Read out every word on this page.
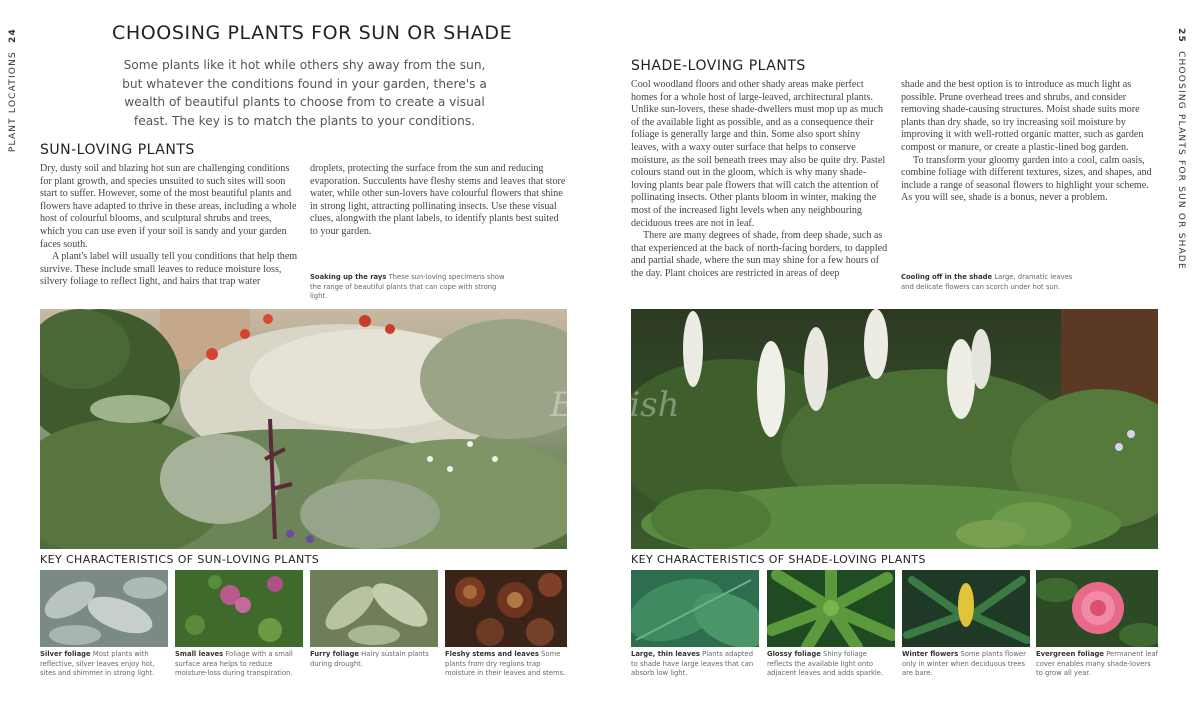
PLANT LOCATIONS  24	25  CHOOSING PLANTS FOR SUN OR SHADE
CHOOSING PLANTS FOR SUN OR SHADE
Some plants like it hot while others shy away from the sun, but whatever the conditions found in your garden, there's a wealth of beautiful plants to choose from to create a visual feast. The key is to match the plants to your conditions.
SUN-LOVING PLANTS

Dry, dusty soil and blazing hot sun are challenging conditions for plant growth, and species unsuited to such sites will soon start to suffer. However, some of the most beautiful plants and flowers have adapted to thrive in these areas, including a whole host of colourful blooms, and sculptural shrubs and trees, which you can use even if your soil is sandy and your garden faces south.

A plant's label will usually tell you conditions that help them survive. These include small leaves to reduce moisture loss, silvery foliage to reflect light, and hairs that trap water

droplets, protecting the surface from the sun and reducing evaporation. Succulents have fleshy stems and leaves that store water, while other sun-lovers have colourful flowers that shine in strong light, attracting pollinating insects. Use these visual clues, alongwith the plant labels, to identify plants best suited to your garden.

Soaking up the rays These sun-loving specimens show the range of beautiful plants that can cope with strong light.
SHADE-LOVING PLANTS

Cool woodland floors and other shady areas make perfect homes for a whole host of large-leaved, architectural plants. Unlike sun-lovers, these shade-dwellers must mop up as much of the available light as possible, and as a consequence their foliage is generally large and thin. Some also sport shiny leaves, with a waxy outer surface that helps to conserve moisture, as the soil beneath trees may also be quite dry. Pastel colours stand out in the gloom, which is why many shade-loving plants bear pale flowers that will catch the attention of pollinating insects. Other plants bloom in winter, making the most of the increased light levels when any neighbouring deciduous trees are not in leaf.

There are many degrees of shade, from deep shade, such as that experienced at the back of north-facing borders, to dappled and partial shade, where the sun may shine for a few hours of the day. Plant choices are restricted in areas of deep

shade and the best option is to introduce as much light as possible. Prune overhead trees and shrubs, and consider removing shade-causing structures. Moist shade suits more plants than dry shade, so try increasing soil moisture by improving it with well-rotted organic matter, such as garden compost or manure, or create a plastic-lined bog garden.

To transform your gloomy garden into a cool, calm oasis, combine foliage with different textures, sizes, and shapes, and include a range of seasonal flowers to highlight your scheme. As you will see, shade is a bonus, never a problem.

Cooling off in the shade Large, dramatic leaves and delicate flowers can scorch under hot sun.
English
KEY CHARACTERISTICS OF SUN-LOVING PLANTS	KEY CHARACTERISTICS OF SHADE-LOVING PLANTS
Silver foliage Most plants with reflective, silver leaves enjoy hot, sites and shimmer in strong light.
Small leaves Foliage with a small surface area helps to reduce moisture-loss during transpiration.
Furry foliage Hairy sustain plants during drought.
Fleshy stems and leaves Some plants from dry regions trap moisture in their leaves and stems.
Large, thin leaves Plants adapted to shade have large leaves that can absorb low light.
Glossy foliage Shiny foliage reflects the available light onto adjacent leaves and adds sparkle.
Winter flowers Some plants flower only in winter when deciduous trees are bare.
Evergreen foliage Permanent leaf cover enables many shade-lovers to grow all year.
